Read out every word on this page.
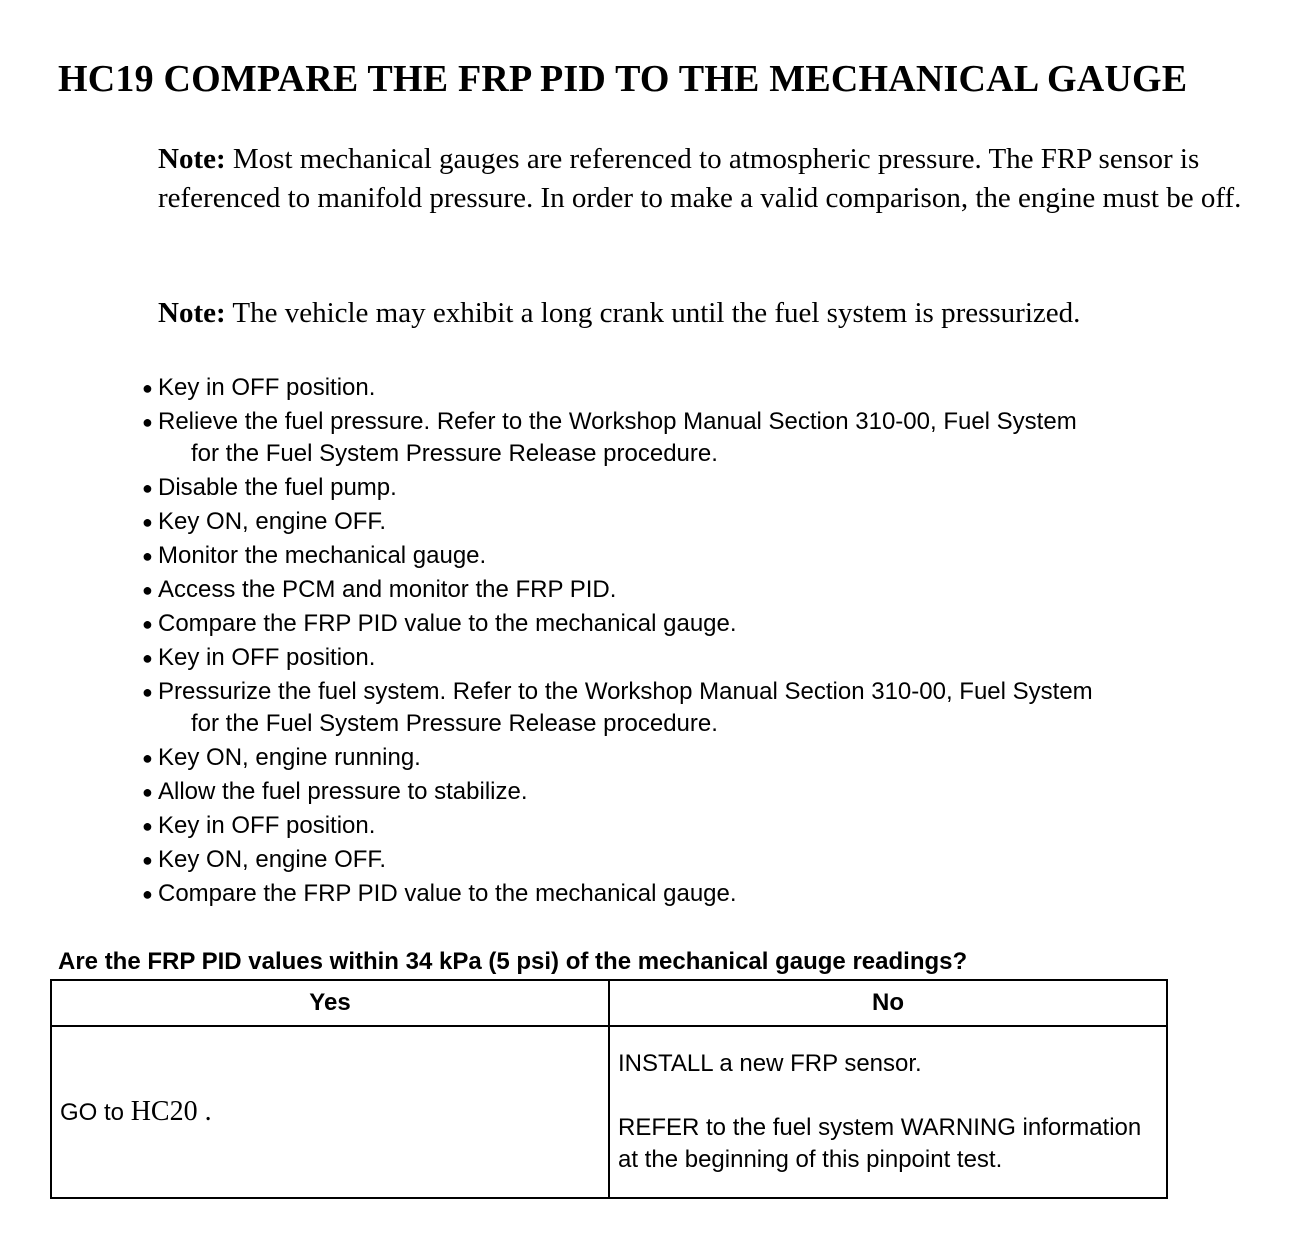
HC19 COMPARE THE FRP PID TO THE MECHANICAL GAUGE

Note: Most mechanical gauges are referenced to atmospheric pressure. The FRP sensor is referenced to manifold pressure. In order to make a valid comparison, the engine must be off.

Note: The vehicle may exhibit a long crank until the fuel system is pressurized.

● Key in OFF position.
● Relieve the fuel pressure. Refer to the Workshop Manual Section 310-00, Fuel System
for the Fuel System Pressure Release procedure.
● Disable the fuel pump.
● Key ON, engine OFF.
● Monitor the mechanical gauge.
● Access the PCM and monitor the FRP PID.
● Compare the FRP PID value to the mechanical gauge.
● Key in OFF position.
● Pressurize the fuel system. Refer to the Workshop Manual Section 310-00, Fuel System
for the Fuel System Pressure Release procedure.
● Key ON, engine running.
● Allow the fuel pressure to stabilize.
● Key in OFF position.
● Key ON, engine OFF.
● Compare the FRP PID value to the mechanical gauge.

Are the FRP PID values within 34 kPa (5 psi) of the mechanical gauge readings?

Yes	No
GO to HC20 .	INSTALL a new FRP sensor.

REFER to the fuel system WARNING information at the beginning of this pinpoint test.
